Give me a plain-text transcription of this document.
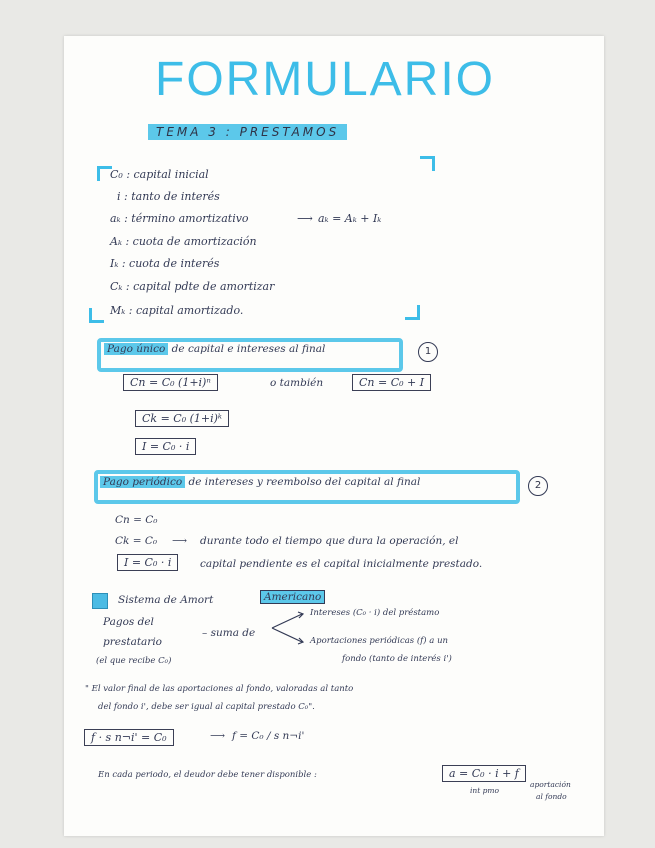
FORMULARIO
TEMA 3 : PRESTAMOS
C₀ : capital inicial
i : tanto de interés
aₖ : término amortizativo	⟶ aₖ = Aₖ + Iₖ
Aₖ : cuota de amortización
Iₖ : cuota de interés
Cₖ : capital pdte de amortizar
Mₖ : capital amortizado.
Pago único de capital e intereses al final	1
Cn = C₀ (1+i)ⁿ	o también	Cn = C₀ + I
Ck = C₀ (1+i)ᵏ
I = C₀ · i
Pago periódico de intereses y reembolso del capital al final	2
Cn = C₀
Ck = C₀ ⟶ durante todo el tiempo que dura la operación, el
I = C₀ · i	capital pendiente es el capital inicialmente prestado.
Sistema de Amort	Americano
Pagos del
prestatario
(el que recibe C₀)
– suma de
Intereses (C₀ · i) del préstamo
Aportaciones periódicas (f) a un
fondo (tanto de interés i')
" El valor final de las aportaciones al fondo, valoradas al tanto
del fondo i', debe ser igual al capital prestado C₀".
f · s n¬i' = C₀	⟶ f = C₀ / s n¬i'
En cada periodo, el deudor debe tener disponible :	a = C₀ · i + f
int pmo
aportación
al fondo
